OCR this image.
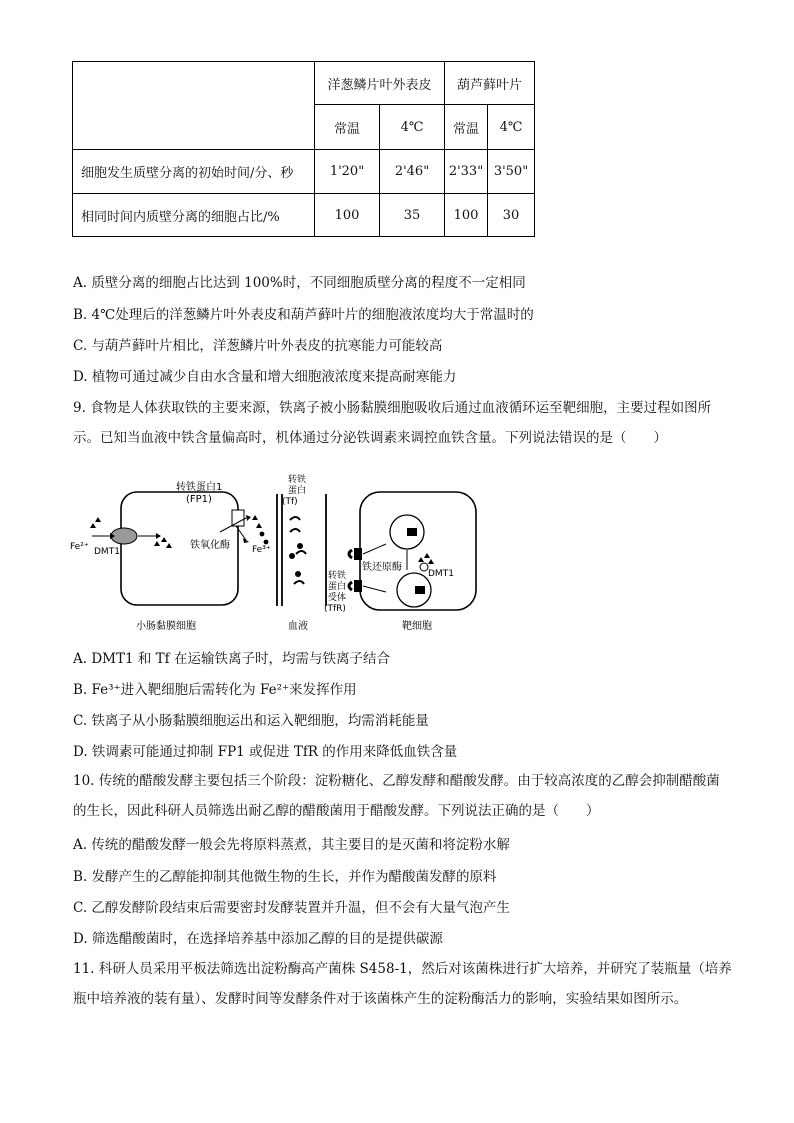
	洋葱鳞片叶外表皮		葫芦藓叶片	
	常温	4℃	常温	4℃
细胞发生质壁分离的初始时间/分、秒	1'20"	2'46"	2'33"	3'50"
相同时间内质壁分离的细胞占比/%	100	35	100	30
A. 质壁分离的细胞占比达到 100%时，不同细胞质壁分离的程度不一定相同
B. 4℃处理后的洋葱鳞片叶外表皮和葫芦藓叶片的细胞液浓度均大于常温时的
C. 与葫芦藓叶片相比，洋葱鳞片叶外表皮的抗寒能力可能较高
D. 植物可通过减少自由水含量和增大细胞液浓度来提高耐寒能力
9. 食物是人体获取铁的主要来源，铁离子被小肠黏膜细胞吸收后通过血液循环运至靶细胞，主要过程如图所示。已知当血液中铁含量偏高时，机体通过分泌铁调素来调控血铁含量。下列说法错误的是（　　）
转铁蛋白1
(FP1)
铁氧化酶
Fe²⁺	Fe³⁺
DMT1
转铁
蛋白
(Tf)
转铁
蛋白
受体
(TfR)
铁还原酶
DMT1
小肠黏膜细胞	血液	靶细胞
A. DMT1 和 Tf 在运输铁离子时，均需与铁离子结合
B. Fe³⁺进入靶细胞后需转化为 Fe²⁺来发挥作用
C. 铁离子从小肠黏膜细胞运出和运入靶细胞，均需消耗能量
D. 铁调素可能通过抑制 FP1 或促进 TfR 的作用来降低血铁含量
10. 传统的醋酸发酵主要包括三个阶段：淀粉糖化、乙醇发酵和醋酸发酵。由于较高浓度的乙醇会抑制醋酸菌的生长，因此科研人员筛选出耐乙醇的醋酸菌用于醋酸发酵。下列说法正确的是（　　）
A. 传统的醋酸发酵一般会先将原料蒸煮，其主要目的是灭菌和将淀粉水解
B. 发酵产生的乙醇能抑制其他微生物的生长，并作为醋酸菌发酵的原料
C. 乙醇发酵阶段结束后需要密封发酵装置并升温，但不会有大量气泡产生
D. 筛选醋酸菌时，在选择培养基中添加乙醇的目的是提供碳源
11. 科研人员采用平板法筛选出淀粉酶高产菌株 S458-1，然后对该菌株进行扩大培养，并研究了装瓶量（培养瓶中培养液的装有量）、发酵时间等发酵条件对于该菌株产生的淀粉酶活力的影响，实验结果如图所示。
